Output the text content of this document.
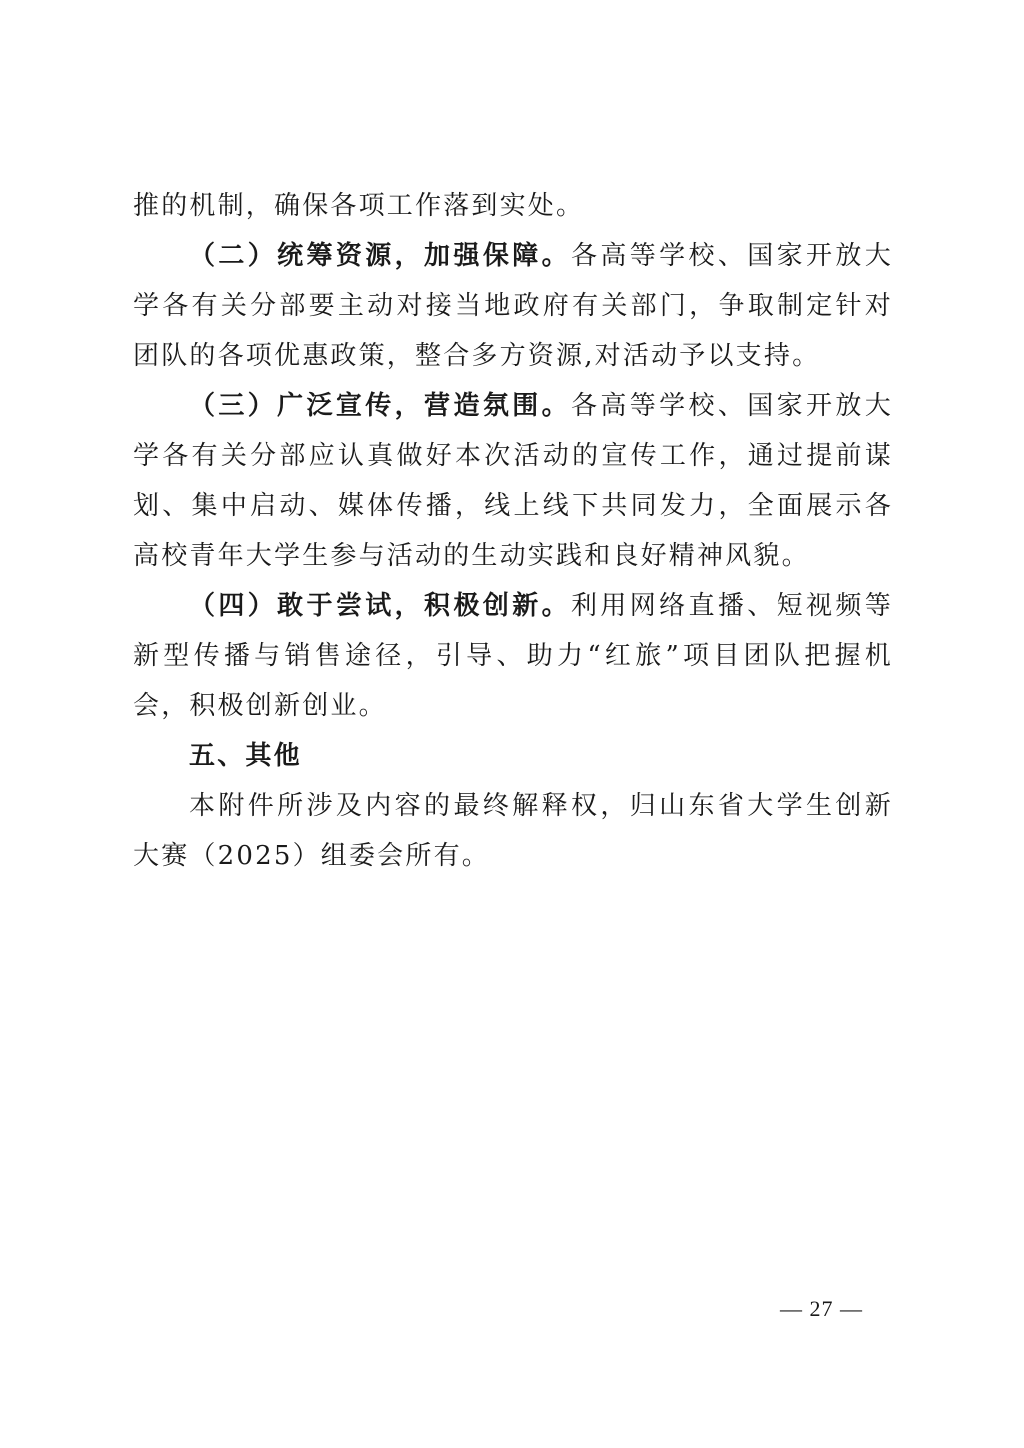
推的机制，确保各项工作落到实处。

（二）统筹资源，加强保障。各高等学校、国家开放大学各有关分部要主动对接当地政府有关部门，争取制定针对团队的各项优惠政策，整合多方资源,对活动予以支持。

（三）广泛宣传，营造氛围。各高等学校、国家开放大学各有关分部应认真做好本次活动的宣传工作，通过提前谋划、集中启动、媒体传播，线上线下共同发力，全面展示各高校青年大学生参与活动的生动实践和良好精神风貌。

（四）敢于尝试，积极创新。利用网络直播、短视频等新型传播与销售途径，引导、助力“红旅”项目团队把握机会，积极创新创业。

五、其他

本附件所涉及内容的最终解释权，归山东省大学生创新大赛（2025）组委会所有。

— 27 —
